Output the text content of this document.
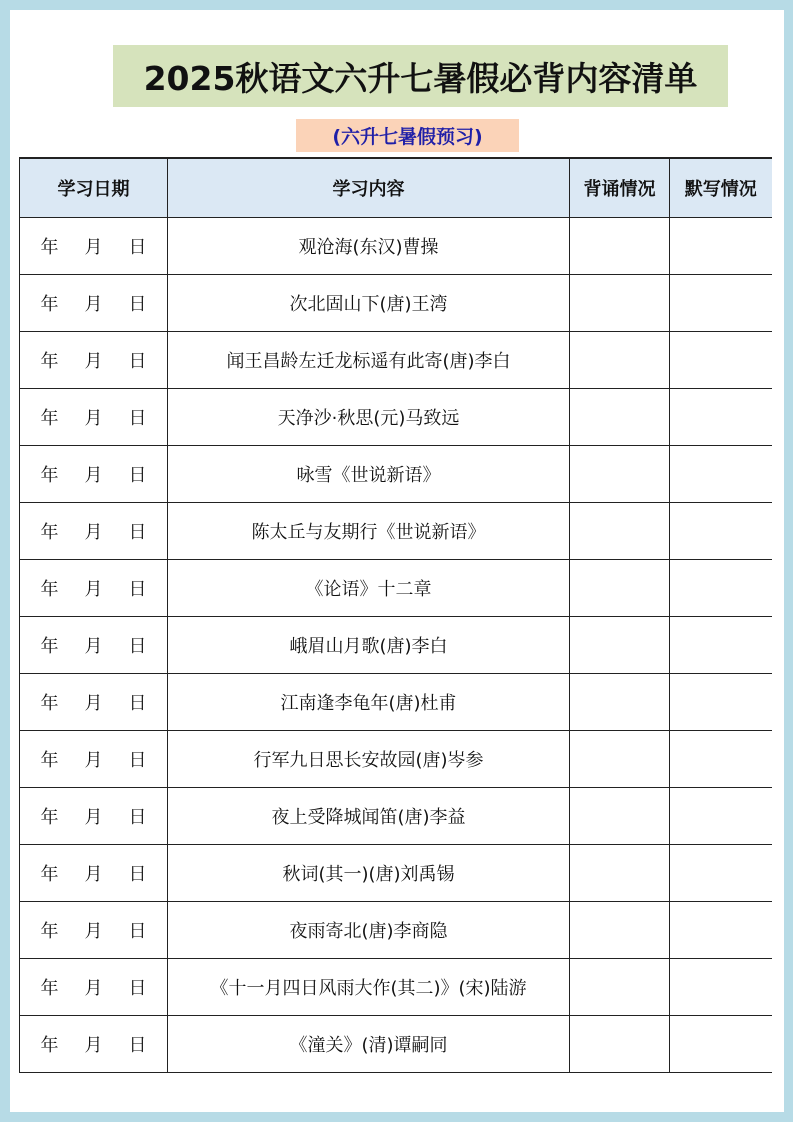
2025秋语文六升七暑假必背内容清单
(六升七暑假预习)
学习日期	学习内容	背诵情况	默写情况
年 月 日	观沧海(东汉)曹操		
年 月 日	次北固山下(唐)王湾		
年 月 日	闻王昌龄左迁龙标遥有此寄(唐)李白		
年 月 日	天净沙·秋思(元)马致远		
年 月 日	咏雪《世说新语》		
年 月 日	陈太丘与友期行《世说新语》		
年 月 日	《论语》十二章		
年 月 日	峨眉山月歌(唐)李白		
年 月 日	江南逢李龟年(唐)杜甫		
年 月 日	行军九日思长安故园(唐)岑参		
年 月 日	夜上受降城闻笛(唐)李益		
年 月 日	秋词(其一)(唐)刘禹锡		
年 月 日	夜雨寄北(唐)李商隐		
年 月 日	《十一月四日风雨大作(其二)》(宋)陆游		
年 月 日	《潼关》(清)谭嗣同		
